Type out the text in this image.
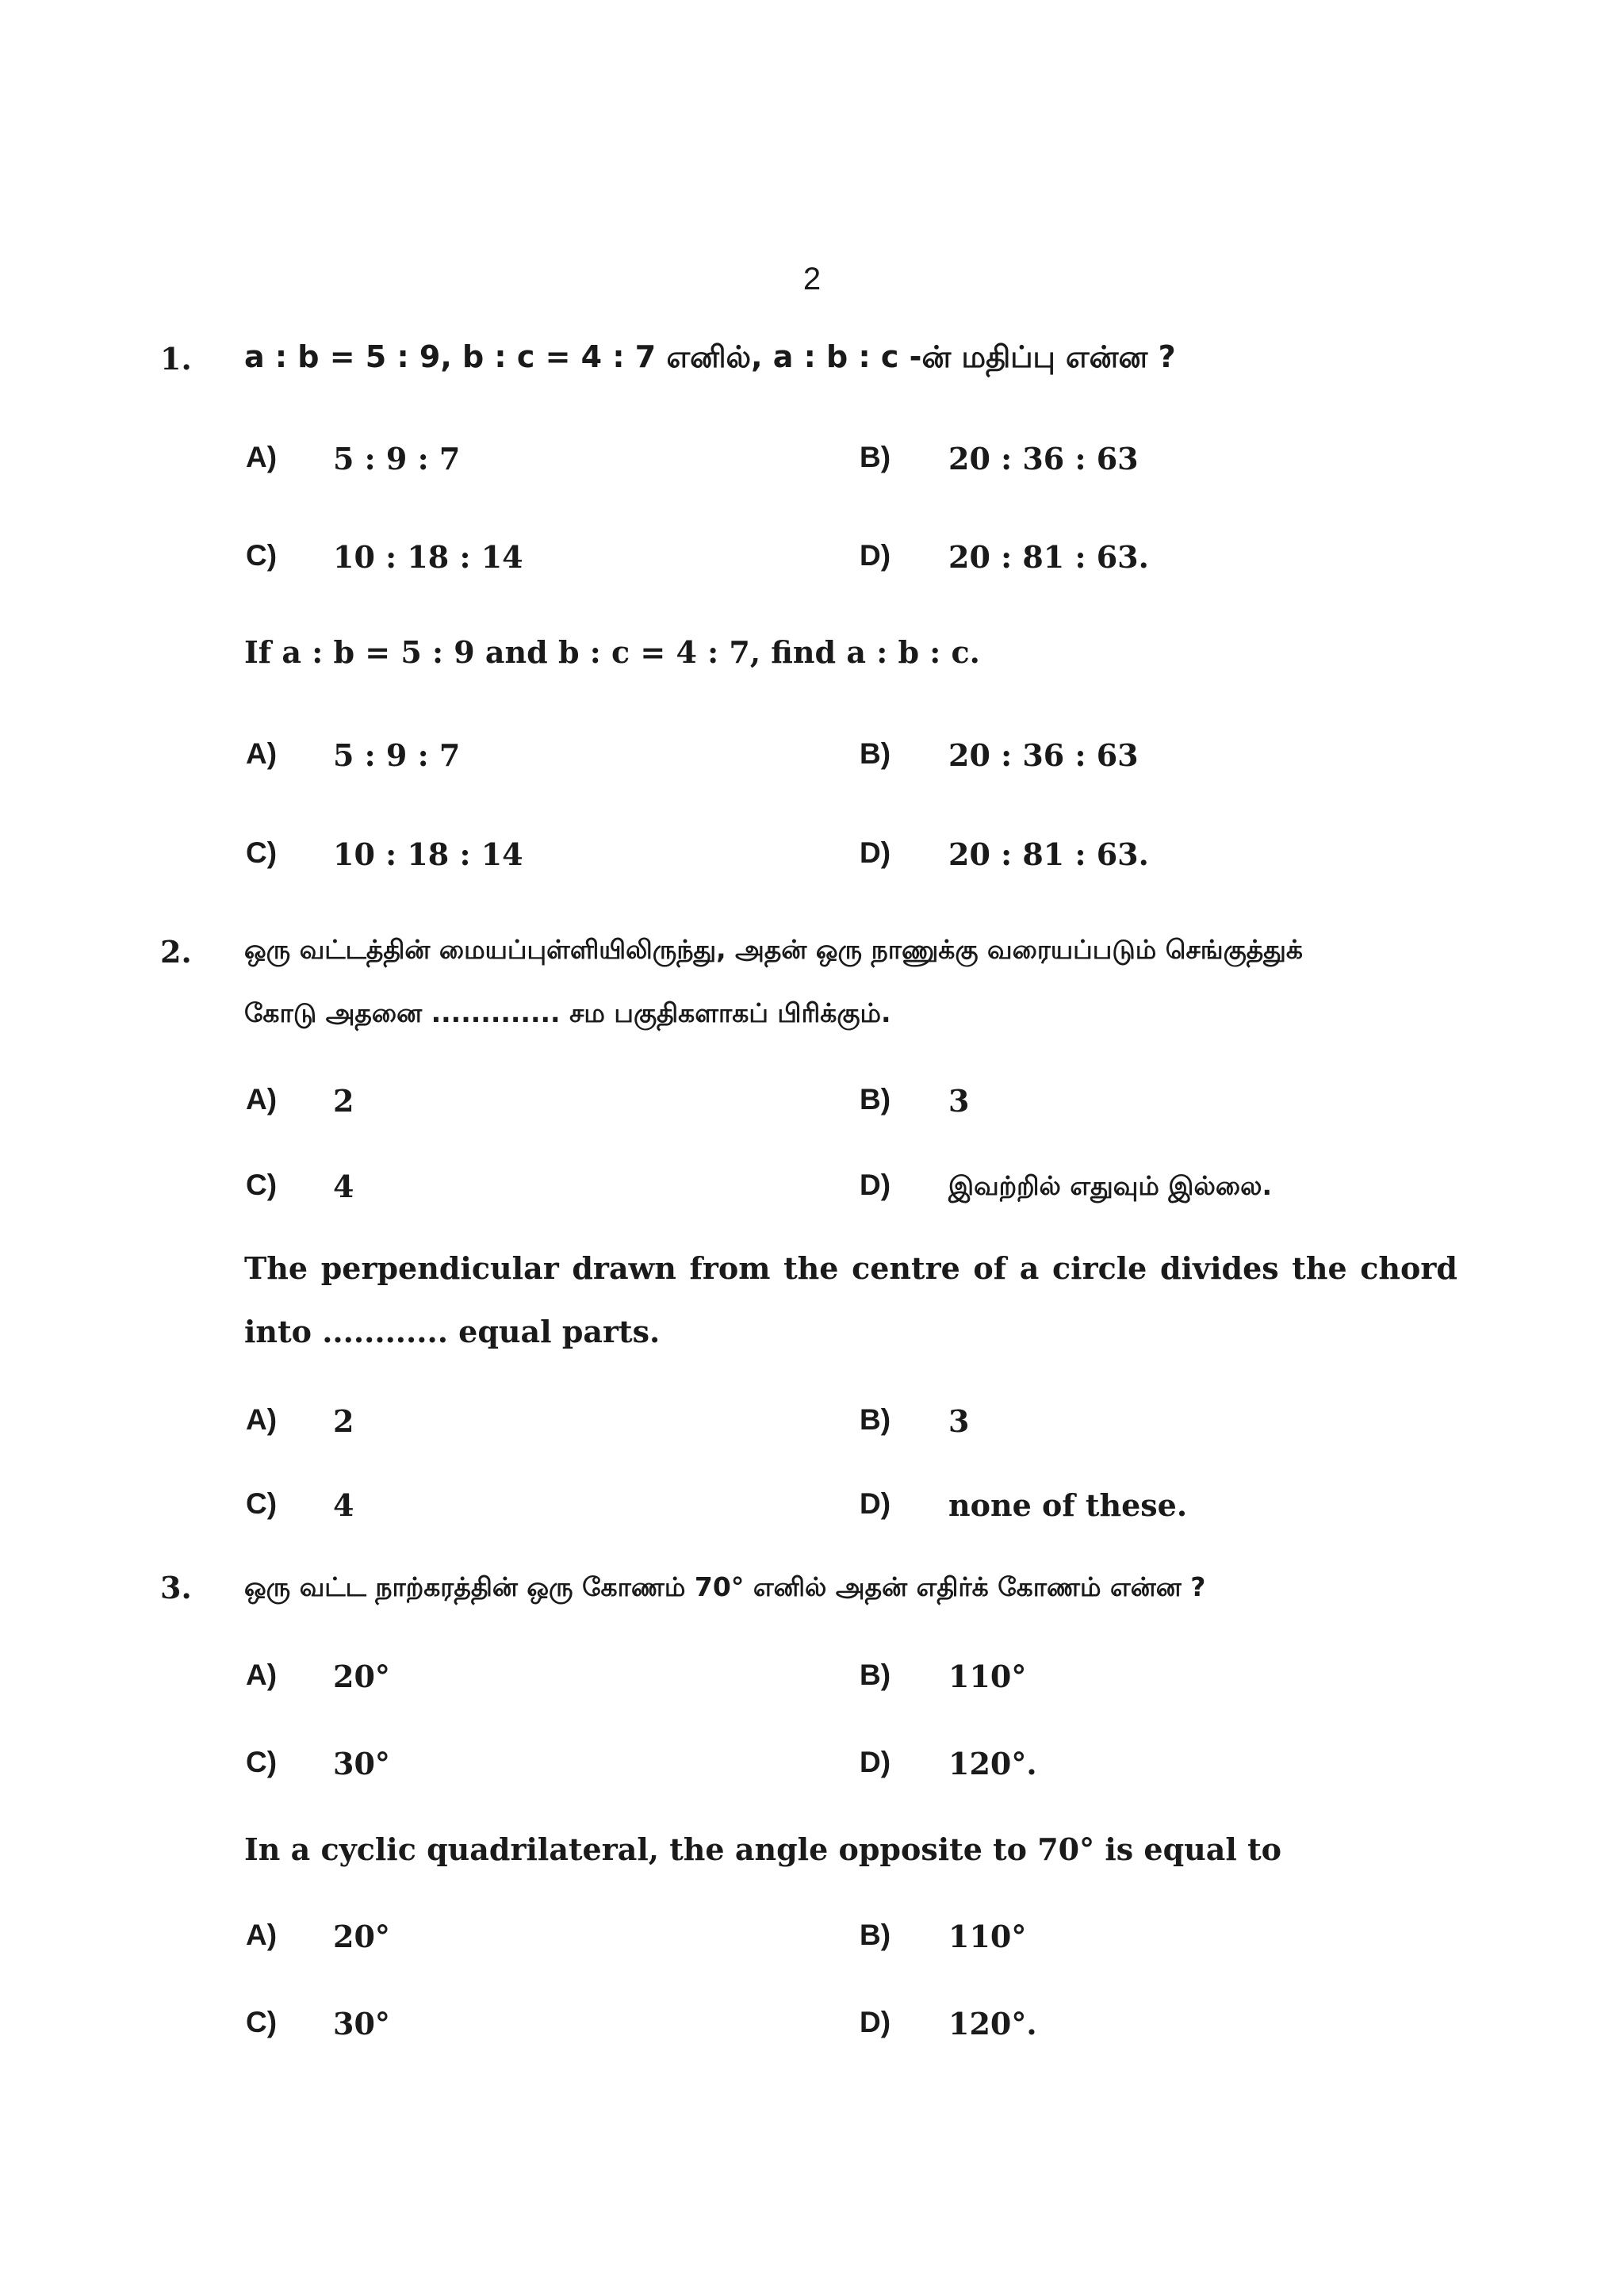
2
1. a : b = 5 : 9, b : c = 4 : 7 எனில், a : b : c -ன் மதிப்பு என்ன ?
A) 5 : 9 : 7	B) 20 : 36 : 63
C) 10 : 18 : 14	D) 20 : 81 : 63.
If a : b = 5 : 9 and b : c = 4 : 7, find a : b : c.
A) 5 : 9 : 7	B) 20 : 36 : 63
C) 10 : 18 : 14	D) 20 : 81 : 63.
2. ஒரு வட்டத்தின் மையப்புள்ளியிலிருந்து, அதன் ஒரு நாணுக்கு வரையப்படும் செங்குத்துக்
கோடு அதனை ............. சம பகுதிகளாகப் பிரிக்கும்.
A) 2	B) 3
C) 4	D) இவற்றில் எதுவும் இல்லை.
The perpendicular drawn from the centre of a circle divides the chord into ............ equal parts.
A) 2	B) 3
C) 4	D) none of these.
3. ஒரு வட்ட நாற்கரத்தின் ஒரு கோணம் 70° எனில் அதன் எதிர்க் கோணம் என்ன ?
A) 20°	B) 110°
C) 30°	D) 120°.
In a cyclic quadrilateral, the angle opposite to 70° is equal to
A) 20°	B) 110°
C) 30°	D) 120°.
